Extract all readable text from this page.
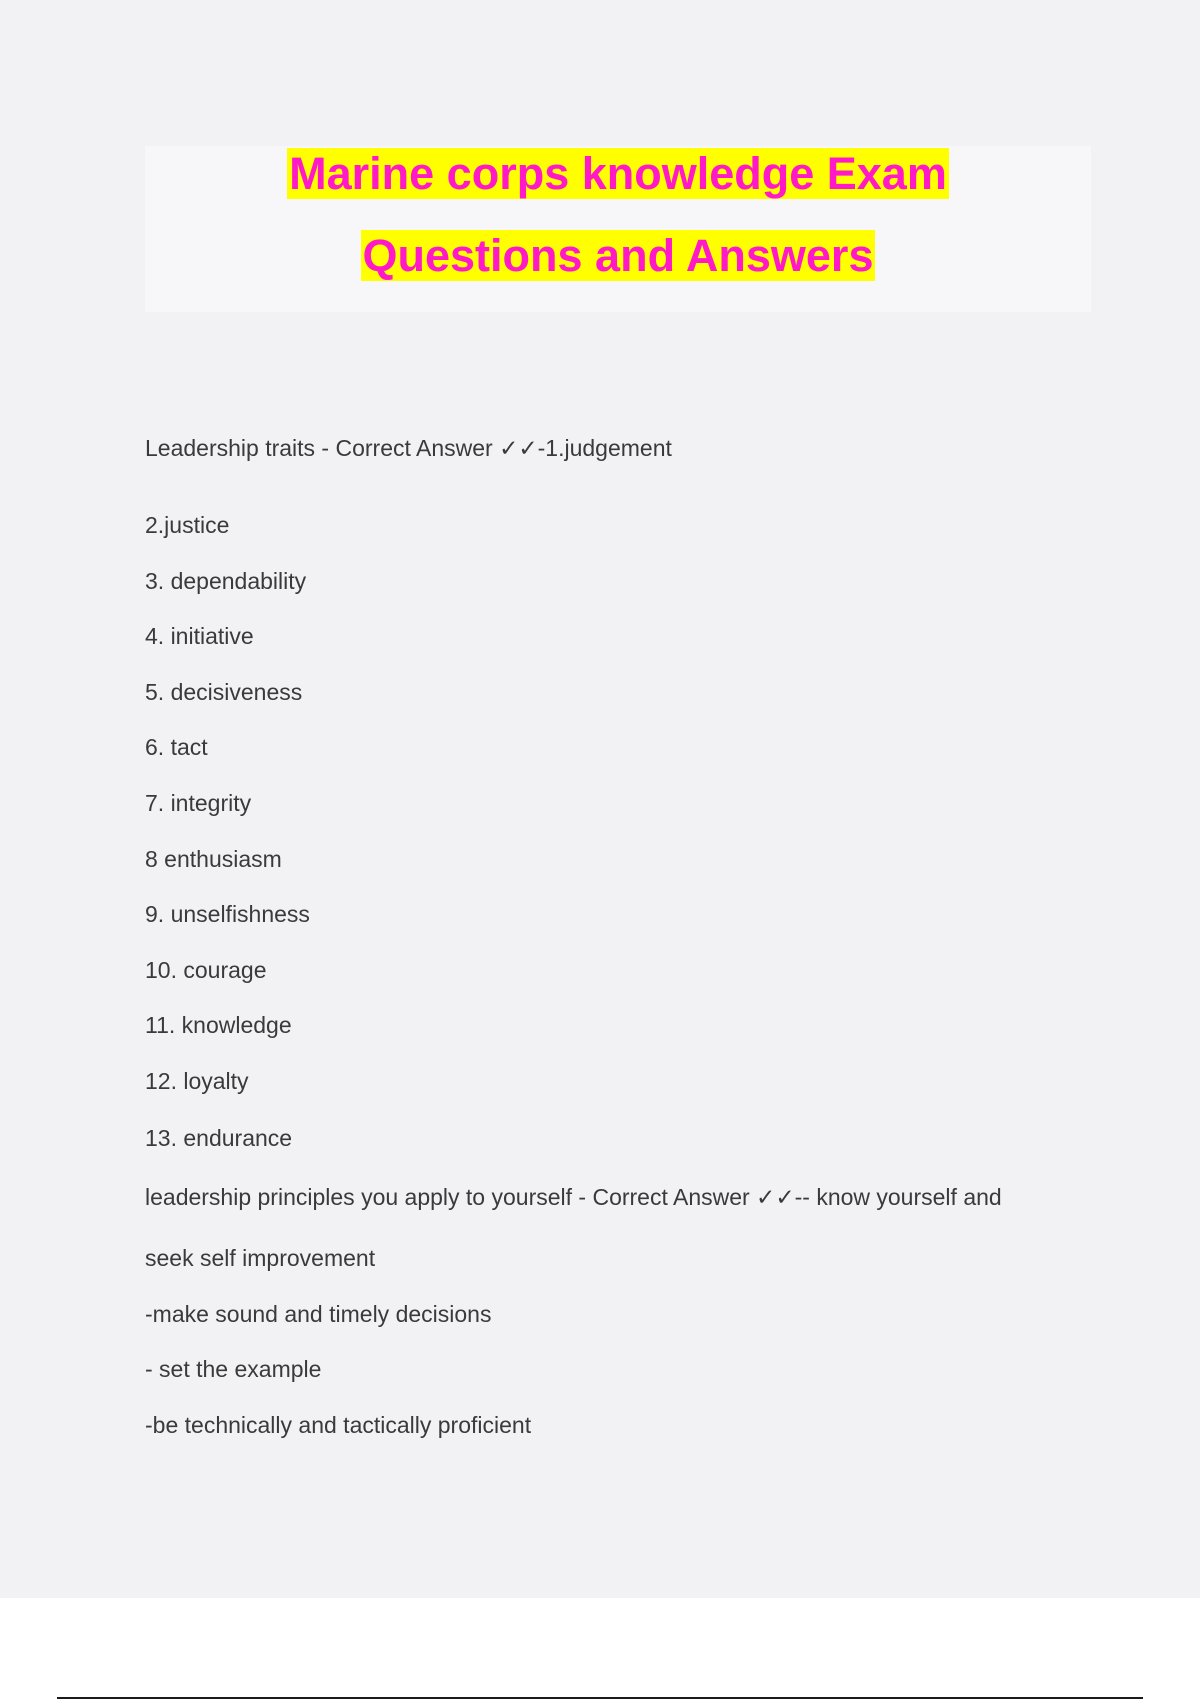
Marine corps knowledge Exam
Questions and Answers
Leadership traits - Correct Answer ✓✓-1.judgement
2.justice
3. dependability
4. initiative
5. decisiveness
6. tact
7. integrity
8 enthusiasm
9. unselfishness
10. courage
11. knowledge
12. loyalty
13. endurance
leadership principles you apply to yourself - Correct Answer ✓✓-- know yourself and
seek self improvement
-make sound and timely decisions
- set the example
-be technically and tactically proficient
